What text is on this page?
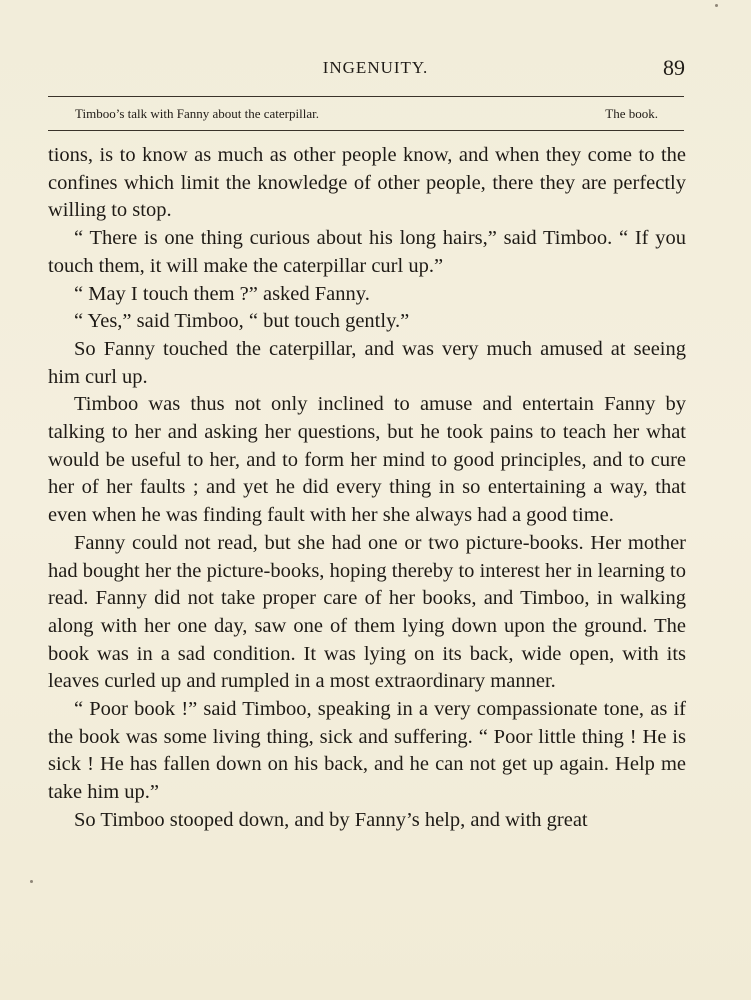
INGENUITY.	89
Timboo’s talk with Fanny about the caterpillar.	The book.

tions, is to know as much as other people know, and when they come to the confines which limit the knowledge of other people, there they are perfectly willing to stop.

“ There is one thing curious about his long hairs,” said Timboo. “ If you touch them, it will make the caterpillar curl up.”

“ May I touch them ?” asked Fanny.

“ Yes,” said Timboo, “ but touch gently.”

So Fanny touched the caterpillar, and was very much amused at seeing him curl up.

Timboo was thus not only inclined to amuse and entertain Fanny by talking to her and asking her questions, but he took pains to teach her what would be useful to her, and to form her mind to good principles, and to cure her of her faults ; and yet he did every thing in so entertaining a way, that even when he was finding fault with her she always had a good time.

Fanny could not read, but she had one or two picture-books. Her mother had bought her the picture-books, hoping thereby to interest her in learning to read. Fanny did not take proper care of her books, and Timboo, in walking along with her one day, saw one of them lying down upon the ground. The book was in a sad condition. It was lying on its back, wide open, with its leaves curled up and rumpled in a most extraordinary manner.

“ Poor book !” said Timboo, speaking in a very compassionate tone, as if the book was some living thing, sick and suffering. “ Poor little thing ! He is sick ! He has fallen down on his back, and he can not get up again. Help me take him up.”

So Timboo stooped down, and by Fanny’s help, and with great
